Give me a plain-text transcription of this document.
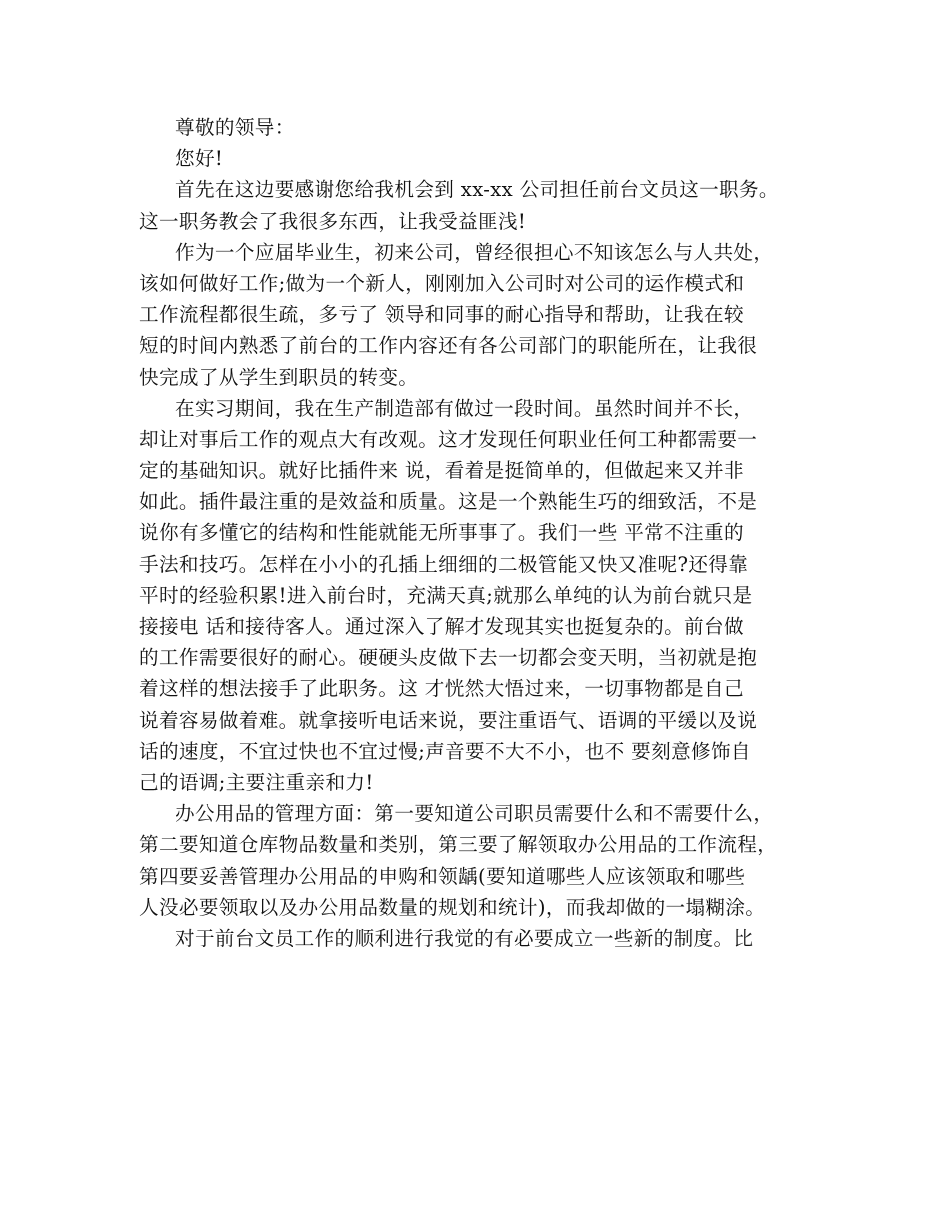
尊敬的领导：
您好!
首先在这边要感谢您给我机会到 xx-xx 公司担任前台文员这一职务。
这一职务教会了我很多东西，让我受益匪浅!
作为一个应届毕业生，初来公司，曾经很担心不知该怎么与人共处，
该如何做好工作;做为一个新人，刚刚加入公司时对公司的运作模式和
工作流程都很生疏，多亏了 领导和同事的耐心指导和帮助，让我在较
短的时间内熟悉了前台的工作内容还有各公司部门的职能所在，让我很
快完成了从学生到职员的转变。
在实习期间，我在生产制造部有做过一段时间。虽然时间并不长，
却让对事后工作的观点大有改观。这才发现任何职业任何工种都需要一
定的基础知识。就好比插件来 说，看着是挺简单的，但做起来又并非
如此。插件最注重的是效益和质量。这是一个熟能生巧的细致活，不是
说你有多懂它的结构和性能就能无所事事了。我们一些 平常不注重的
手法和技巧。怎样在小小的孔插上细细的二极管能又快又准呢?还得靠
平时的经验积累!进入前台时，充满天真;就那么单纯的认为前台就只是
接接电 话和接待客人。通过深入了解才发现其实也挺复杂的。前台做
的工作需要很好的耐心。硬硬头皮做下去一切都会变天明，当初就是抱
着这样的想法接手了此职务。这 才恍然大悟过来，一切事物都是自己
说着容易做着难。就拿接听电话来说，要注重语气、语调的平缓以及说
话的速度，不宜过快也不宜过慢;声音要不大不小，也不 要刻意修饰自
己的语调;主要注重亲和力!
办公用品的管理方面：第一要知道公司职员需要什么和不需要什么，
第二要知道仓库物品数量和类别，第三要了解领取办公用品的工作流程，
第四要妥善管理办公用品的申购和领龋(要知道哪些人应该领取和哪些
人没必要领取以及办公用品数量的规划和统计)，而我却做的一塌糊涂。
对于前台文员工作的顺利进行我觉的有必要成立一些新的制度。比
